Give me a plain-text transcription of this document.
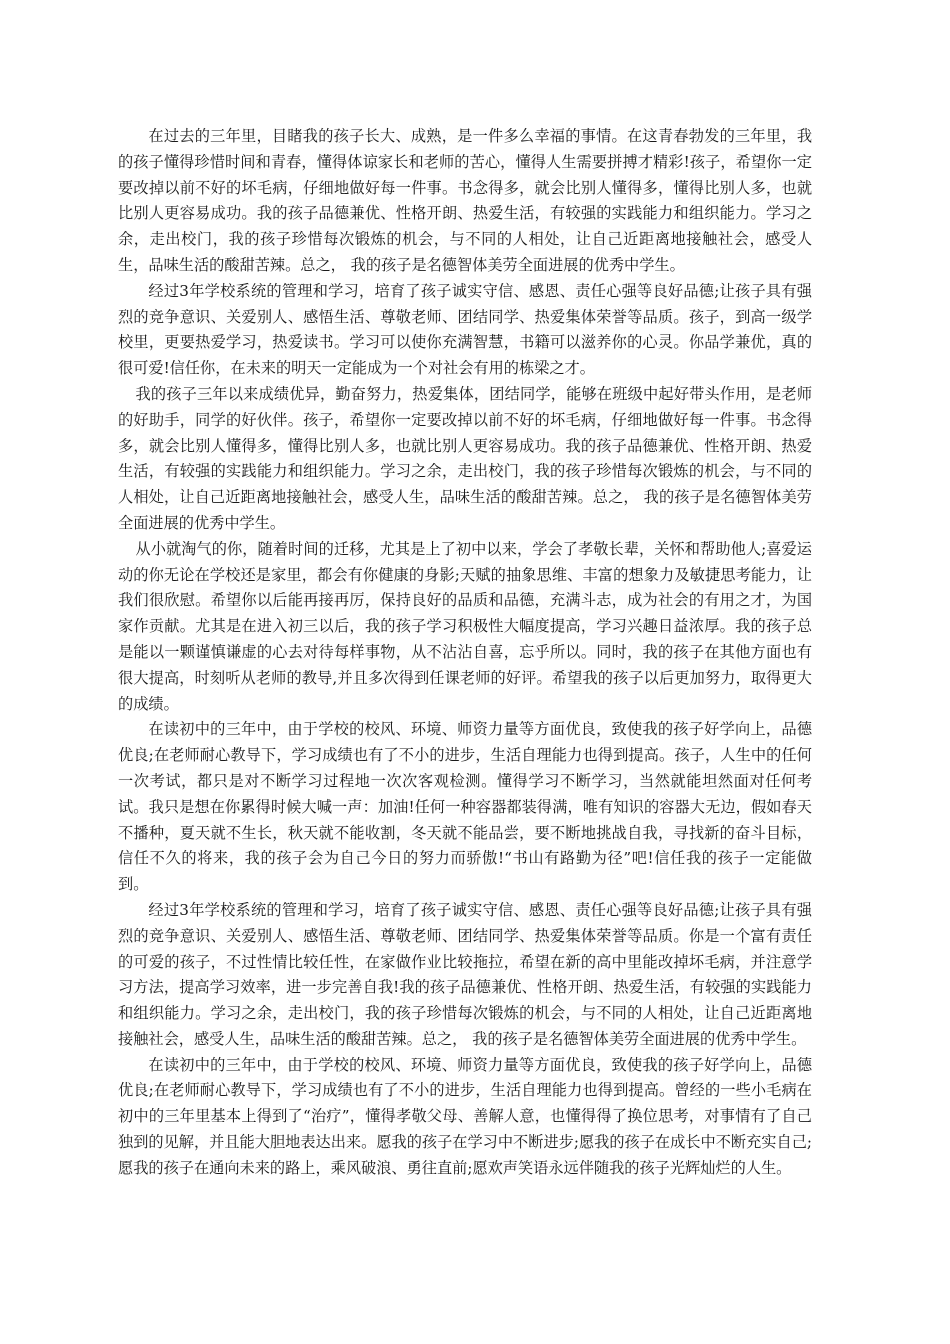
在过去的三年里，目睹我的孩子长大、成熟，是一件多么幸福的事情。在这青春勃发的三年里，我的孩子懂得珍惜时间和青春，懂得体谅家长和老师的苦心，懂得人生需要拼搏才精彩!孩子，希望你一定要改掉以前不好的坏毛病，仔细地做好每一件事。书念得多，就会比别人懂得多，懂得比别人多，也就比别人更容易成功。我的孩子品德兼优、性格开朗、热爱生活，有较强的实践能力和组织能力。学习之余，走出校门，我的孩子珍惜每次锻炼的机会，与不同的人相处，让自己近距离地接触社会，感受人生，品味生活的酸甜苦辣。总之， 我的孩子是名德智体美劳全面进展的优秀中学生。

经过3年学校系统的管理和学习，培育了孩子诚实守信、感恩、责任心强等良好品德;让孩子具有强烈的竞争意识、关爱别人、感悟生活、尊敬老师、团结同学、热爱集体荣誉等品质。孩子，到高一级学校里，更要热爱学习，热爱读书。学习可以使你充满智慧，书籍可以滋养你的心灵。你品学兼优，真的很可爱!信任你，在未来的明天一定能成为一个对社会有用的栋梁之才。

我的孩子三年以来成绩优异，勤奋努力，热爱集体，团结同学，能够在班级中起好带头作用，是老师的好助手，同学的好伙伴。孩子，希望你一定要改掉以前不好的坏毛病，仔细地做好每一件事。书念得多，就会比别人懂得多，懂得比别人多，也就比别人更容易成功。我的孩子品德兼优、性格开朗、热爱生活，有较强的实践能力和组织能力。学习之余，走出校门，我的孩子珍惜每次锻炼的机会，与不同的人相处，让自己近距离地接触社会，感受人生，品味生活的酸甜苦辣。总之， 我的孩子是名德智体美劳全面进展的优秀中学生。

从小就淘气的你，随着时间的迁移，尤其是上了初中以来，学会了孝敬长辈，关怀和帮助他人;喜爱运动的你无论在学校还是家里，都会有你健康的身影;天赋的抽象思维、丰富的想象力及敏捷思考能力，让我们很欣慰。希望你以后能再接再厉，保持良好的品质和品德，充满斗志，成为社会的有用之才，为国家作贡献。尤其是在进入初三以后，我的孩子学习积极性大幅度提高，学习兴趣日益浓厚。我的孩子总是能以一颗谨慎谦虚的心去对待每样事物，从不沾沾自喜，忘乎所以。同时，我的孩子在其他方面也有很大提高，时刻听从老师的教导,并且多次得到任课老师的好评。希望我的孩子以后更加努力，取得更大的成绩。

在读初中的三年中，由于学校的校风、环境、师资力量等方面优良，致使我的孩子好学向上，品德优良;在老师耐心教导下，学习成绩也有了不小的进步，生活自理能力也得到提高。孩子，人生中的任何一次考试，都只是对不断学习过程地一次次客观检测。懂得学习不断学习，当然就能坦然面对任何考试。我只是想在你累得时候大喊一声：加油!任何一种容器都装得满，唯有知识的容器大无边，假如春天不播种，夏天就不生长，秋天就不能收割，冬天就不能品尝，要不断地挑战自我，寻找新的奋斗目标，信任不久的将来，我的孩子会为自己今日的努力而骄傲!“书山有路勤为径”吧!信任我的孩子一定能做到。

经过3年学校系统的管理和学习，培育了孩子诚实守信、感恩、责任心强等良好品德;让孩子具有强烈的竞争意识、关爱别人、感悟生活、尊敬老师、团结同学、热爱集体荣誉等品质。你是一个富有责任的可爱的孩子，不过性情比较任性，在家做作业比较拖拉，希望在新的高中里能改掉坏毛病，并注意学习方法，提高学习效率，进一步完善自我!我的孩子品德兼优、性格开朗、热爱生活，有较强的实践能力和组织能力。学习之余，走出校门，我的孩子珍惜每次锻炼的机会，与不同的人相处，让自己近距离地接触社会，感受人生，品味生活的酸甜苦辣。总之， 我的孩子是名德智体美劳全面进展的优秀中学生。

在读初中的三年中，由于学校的校风、环境、师资力量等方面优良，致使我的孩子好学向上，品德优良;在老师耐心教导下，学习成绩也有了不小的进步，生活自理能力也得到提高。曾经的一些小毛病在初中的三年里基本上得到了“治疗”，懂得孝敬父母、善解人意，也懂得得了换位思考，对事情有了自己独到的见解，并且能大胆地表达出来。愿我的孩子在学习中不断进步;愿我的孩子在成长中不断充实自己;愿我的孩子在通向未来的路上，乘风破浪、勇往直前;愿欢声笑语永远伴随我的孩子光辉灿烂的人生。
